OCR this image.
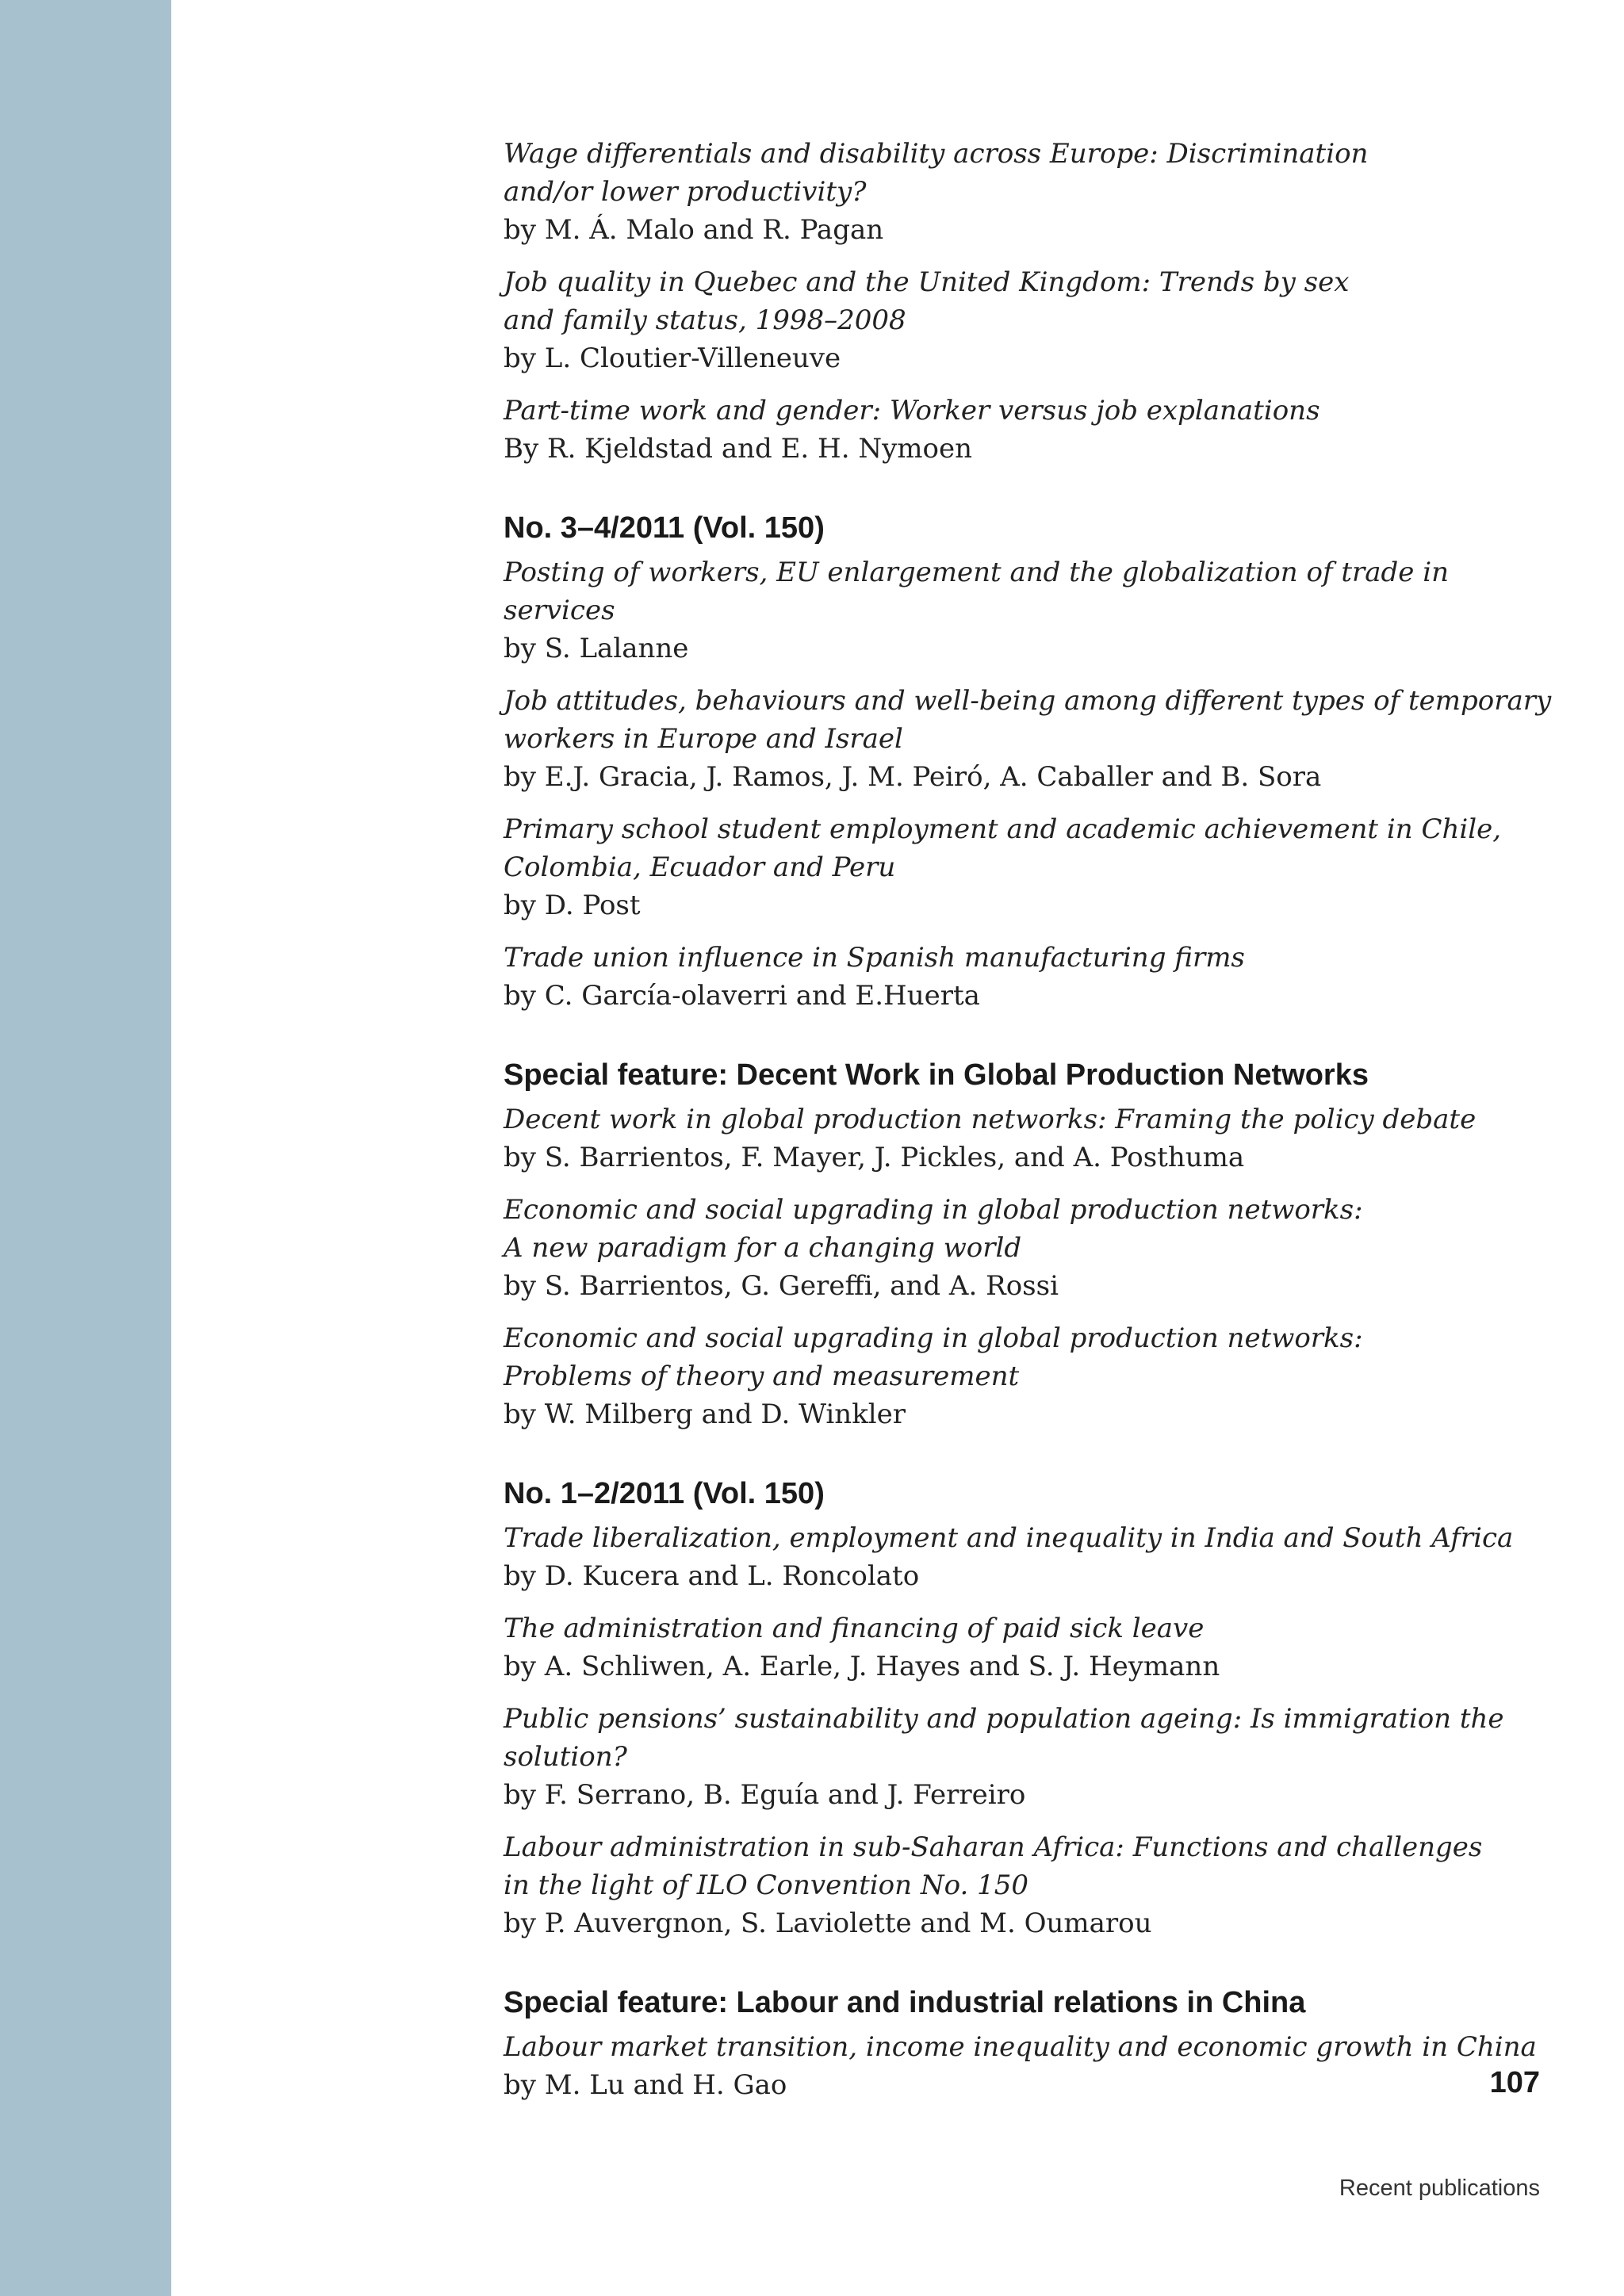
Wage differentials and disability across Europe: Discrimination
and/or lower productivity?
by M. Á. Malo and R. Pagan
Job quality in Quebec and the United Kingdom: Trends by sex
and family status, 1998–2008
by L. Cloutier-Villeneuve
Part-time work and gender: Worker versus job explanations
By R. Kjeldstad and E. H. Nymoen
No. 3–4/2011 (Vol. 150)
Posting of workers, EU enlargement and the globalization of trade in services
by S. Lalanne
Job attitudes, behaviours and well-being among different types of temporary
workers in Europe and Israel
by E.J. Gracia, J. Ramos, J. M. Peiró, A. Caballer and B. Sora
Primary school student employment and academic achievement in Chile,
Colombia, Ecuador and Peru
by D. Post
Trade union influence in Spanish manufacturing firms
by C. García-olaverri and E.Huerta
Special feature: Decent Work in Global Production Networks
Decent work in global production networks: Framing the policy debate
by S. Barrientos, F. Mayer, J. Pickles, and A. Posthuma
Economic and social upgrading in global production networks:
A new paradigm for a changing world
by S. Barrientos, G. Gereffi, and A. Rossi
Economic and social upgrading in global production networks:
Problems of theory and measurement
by W. Milberg and D. Winkler
No. 1–2/2011 (Vol. 150)
Trade liberalization, employment and inequality in India and South Africa
by D. Kucera and L. Roncolato
The administration and financing of paid sick leave
by A. Schliwen, A. Earle, J. Hayes and S. J. Heymann
Public pensions’ sustainability and population ageing: Is immigration the solution?
by F. Serrano, B. Eguía and J. Ferreiro
Labour administration in sub-Saharan Africa: Functions and challenges
in the light of ILO Convention No. 150
by P. Auvergnon, S. Laviolette and M. Oumarou
Special feature: Labour and industrial relations in China
Labour market transition, income inequality and economic growth in China
by M. Lu and H. Gao	107
Recent publications
